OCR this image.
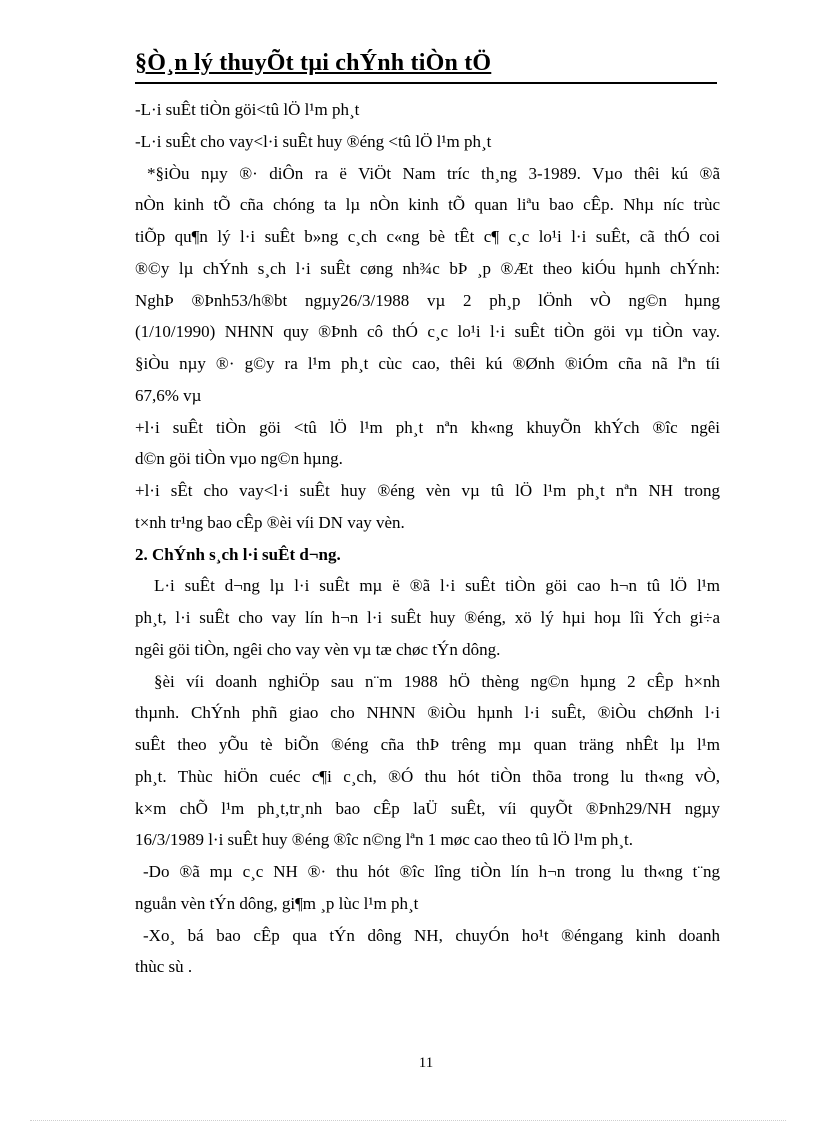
§Ò¸n lý thuyÕt tµi chÝnh tiÒn tÖ
-L·i suÊt tiÒn göi<tû lÖ l¹m ph¸t
-L·i suÊt cho vay<l·i suÊt huy ®éng <tû lÖ l¹m ph¸t
*§iÒu nµy ®· diÔn ra ë ViÖt Nam tríc th¸ng 3-1989. Vµo thêi kú ®ã
nÒn kinh tÕ cña chóng ta lµ nÒn kinh tÕ quan liªu bao cÊp. Nhµ níc trùc
tiÕp qu¶n lý l·i suÊt b»ng c¸ch c«ng bè tÊt c¶ c¸c lo¹i l·i suÊt, cã thÓ coi
®©y lµ chÝnh s¸ch l·i suÊt cøng nh¾c bÞ ¸p ®Æt theo kiÓu hµnh chÝnh:
NghÞ ®Þnh53/h®bt ngµy26/3/1988 vµ 2 ph¸p lÖnh vÒ ng©n hµng
(1/10/1990) NHNN quy ®Þnh cô thÓ c¸c lo¹i l·i suÊt tiÒn göi vµ tiÒn vay.
§iÒu nµy ®· g©y ra l¹m ph¸t cùc cao, thêi kú ®Ønh ®iÓm cña nã lªn tíi
67,6% vµ
+l·i suÊt tiÒn göi <tû lÖ l¹m ph¸t nªn kh«ng khuyÕn khÝch ®îc ngêi
d©n göi tiÒn vµo ng©n hµng.
+l·i sÊt cho vay<l·i suÊt huy ®éng vèn vµ tû lÖ l¹m ph¸t nªn NH trong
t×nh tr¹ng bao cÊp ®èi víi DN vay vèn.
2. ChÝnh s¸ch l·i suÊt d¬ng.
L·i suÊt d¬ng lµ l·i suÊt mµ ë ®ã l·i suÊt tiÒn göi cao h¬n tû lÖ l¹m
ph¸t, l·i suÊt cho vay lín h¬n l·i suÊt huy ®éng, xö lý hµi hoµ lîi Ých gi÷a
ngêi göi tiÒn, ngêi cho vay vèn vµ tæ chøc tÝn dông.
§èi víi doanh nghiÖp sau n¨m 1988 hÖ thèng ng©n hµng 2 cÊp h×nh
thµnh. ChÝnh phñ giao cho NHNN ®iÒu hµnh l·i suÊt, ®iÒu chØnh l·i
suÊt theo yÕu tè biÕn ®éng cña thÞ trêng mµ quan träng nhÊt lµ l¹m
ph¸t. Thùc hiÖn cuéc c¶i c¸ch, ®Ó thu hót tiÒn thõa trong lu th«ng vÒ,
k×m chÕ l¹m ph¸t,tr¸nh bao cÊp laÜ suÊt, víi quyÕt ®Þnh29/NH ngµy
16/3/1989 l·i suÊt huy ®éng ®îc n©ng lªn 1 møc cao theo tû lÖ l¹m ph¸t.
-Do ®ã mµ c¸c NH ®· thu hót ®îc lîng tiÒn lín h¬n trong lu th«ng t¨ng
nguån vèn tÝn dông, gi¶m ¸p lùc l¹m ph¸t
-Xo¸ bá bao cÊp qua tÝn dông NH, chuyÓn ho¹t ®éngang kinh doanh
thùc sù .
11
